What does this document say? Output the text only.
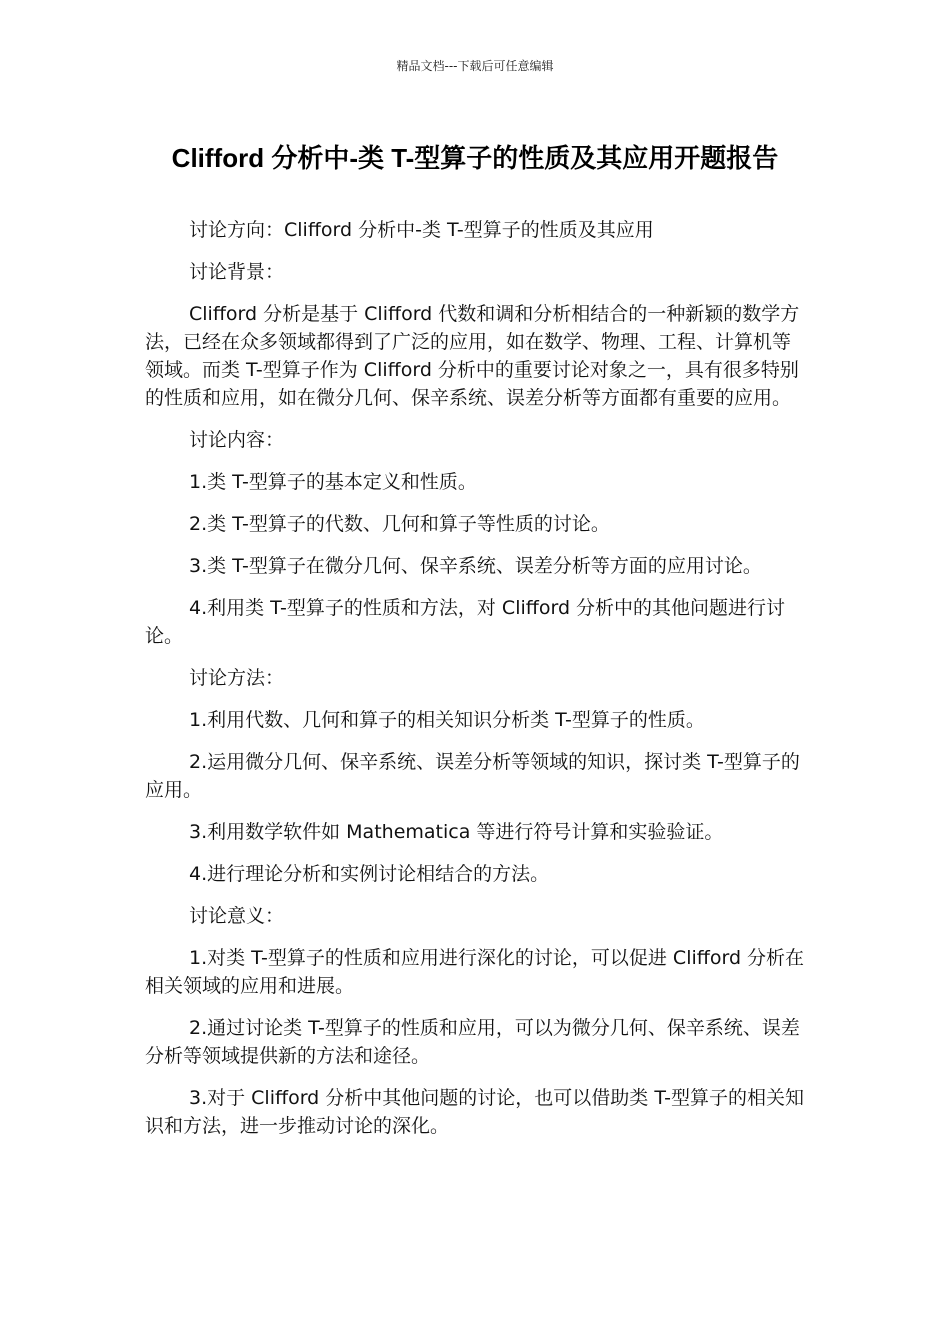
精品文档---下载后可任意编辑
Clifford 分析中-类 T-型算子的性质及其应用开题报告

讨论方向：Clifford 分析中-类 T-型算子的性质及其应用

讨论背景：

Clifford 分析是基于 Clifford 代数和调和分析相结合的一种新颖的数学方法，已经在众多领域都得到了广泛的应用，如在数学、物理、工程、计算机等领域。而类 T-型算子作为 Clifford 分析中的重要讨论对象之一，具有很多特别的性质和应用，如在微分几何、保辛系统、误差分析等方面都有重要的应用。

讨论内容：

1.类 T-型算子的基本定义和性质。

2.类 T-型算子的代数、几何和算子等性质的讨论。

3.类 T-型算子在微分几何、保辛系统、误差分析等方面的应用讨论。

4.利用类 T-型算子的性质和方法，对 Clifford 分析中的其他问题进行讨论。

讨论方法：

1.利用代数、几何和算子的相关知识分析类 T-型算子的性质。

2.运用微分几何、保辛系统、误差分析等领域的知识，探讨类 T-型算子的应用。

3.利用数学软件如 Mathematica 等进行符号计算和实验验证。

4.进行理论分析和实例讨论相结合的方法。

讨论意义：

1.对类 T-型算子的性质和应用进行深化的讨论，可以促进 Clifford 分析在相关领域的应用和进展。

2.通过讨论类 T-型算子的性质和应用，可以为微分几何、保辛系统、误差分析等领域提供新的方法和途径。

3.对于 Clifford 分析中其他问题的讨论，也可以借助类 T-型算子的相关知识和方法，进一步推动讨论的深化。
